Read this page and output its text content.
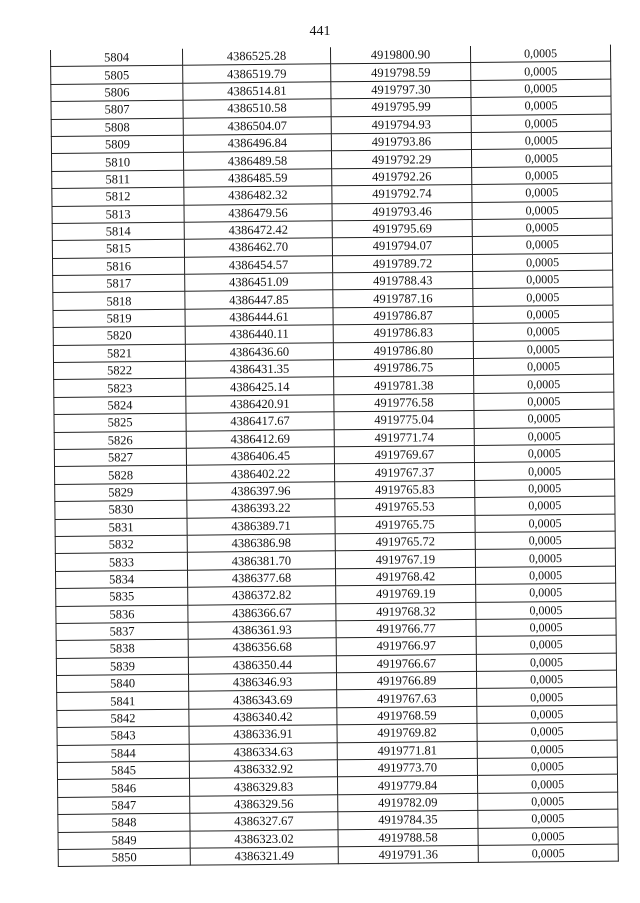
441
5804	4386525.28	4919800.90	0,0005
5805	4386519.79	4919798.59	0,0005
5806	4386514.81	4919797.30	0,0005
5807	4386510.58	4919795.99	0,0005
5808	4386504.07	4919794.93	0,0005
5809	4386496.84	4919793.86	0,0005
5810	4386489.58	4919792.29	0,0005
5811	4386485.59	4919792.26	0,0005
5812	4386482.32	4919792.74	0,0005
5813	4386479.56	4919793.46	0,0005
5814	4386472.42	4919795.69	0,0005
5815	4386462.70	4919794.07	0,0005
5816	4386454.57	4919789.72	0,0005
5817	4386451.09	4919788.43	0,0005
5818	4386447.85	4919787.16	0,0005
5819	4386444.61	4919786.87	0,0005
5820	4386440.11	4919786.83	0,0005
5821	4386436.60	4919786.80	0,0005
5822	4386431.35	4919786.75	0,0005
5823	4386425.14	4919781.38	0,0005
5824	4386420.91	4919776.58	0,0005
5825	4386417.67	4919775.04	0,0005
5826	4386412.69	4919771.74	0,0005
5827	4386406.45	4919769.67	0,0005
5828	4386402.22	4919767.37	0,0005
5829	4386397.96	4919765.83	0,0005
5830	4386393.22	4919765.53	0,0005
5831	4386389.71	4919765.75	0,0005
5832	4386386.98	4919765.72	0,0005
5833	4386381.70	4919767.19	0,0005
5834	4386377.68	4919768.42	0,0005
5835	4386372.82	4919769.19	0,0005
5836	4386366.67	4919768.32	0,0005
5837	4386361.93	4919766.77	0,0005
5838	4386356.68	4919766.97	0,0005
5839	4386350.44	4919766.67	0,0005
5840	4386346.93	4919766.89	0,0005
5841	4386343.69	4919767.63	0,0005
5842	4386340.42	4919768.59	0,0005
5843	4386336.91	4919769.82	0,0005
5844	4386334.63	4919771.81	0,0005
5845	4386332.92	4919773.70	0,0005
5846	4386329.83	4919779.84	0,0005
5847	4386329.56	4919782.09	0,0005
5848	4386327.67	4919784.35	0,0005
5849	4386323.02	4919788.58	0,0005
5850	4386321.49	4919791.36	0,0005
